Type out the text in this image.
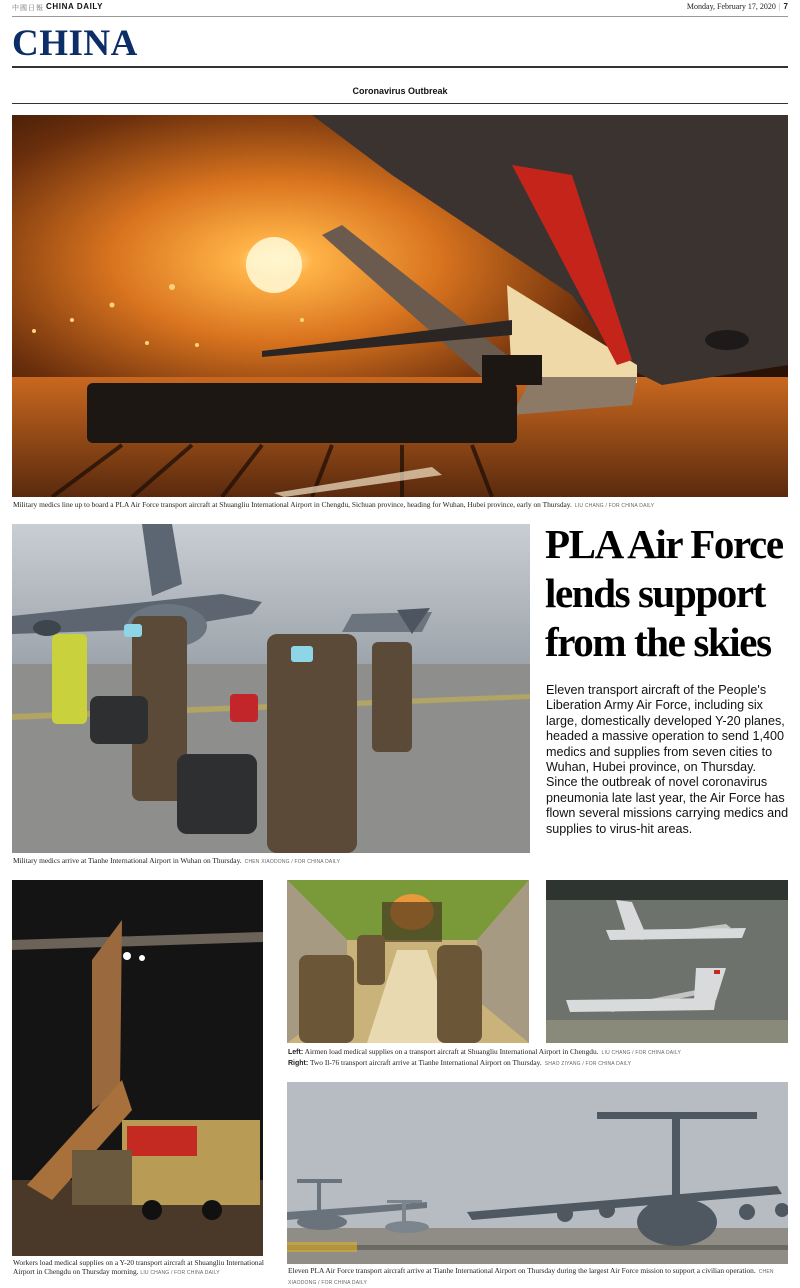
中國日報 CHINA DAILY	Monday, February 17, 2020 | 7
CHINA
Coronavirus Outbreak
Military medics line up to board a PLA Air Force transport aircraft at Shuangliu International Airport in Chengdu, Sichuan province, heading for Wuhan, Hubei province, early on Thursday. LIU CHANG / FOR CHINA DAILY
Military medics arrive at Tianhe International Airport in Wuhan on Thursday. CHEN XIAODONG / FOR CHINA DAILY
PLA Air Force
lends support
from the skies
Eleven transport aircraft of the People's Liberation Army Air Force, including six large, domestically developed Y-20 planes, headed a massive operation to send 1,400 medics and supplies from seven cities to Wuhan, Hubei province, on Thursday. Since the outbreak of novel coronavirus pneumonia late last year, the Air Force has flown several missions carrying medics and supplies to virus-hit areas.
Workers load medical supplies on a Y-20 transport aircraft at Shuangliu International Airport in Chengdu on Thursday morning. LIU CHANG / FOR CHINA DAILY
Left: Airmen load medical supplies on a transport aircraft at Shuangliu International Airport in Chengdu. LIU CHANG / FOR CHINA DAILY
Right: Two Il-76 transport aircraft arrive at Tianhe International Airport on Thursday. SHAO ZIYANG / FOR CHINA DAILY
Eleven PLA Air Force transport aircraft arrive at Tianhe International Airport on Thursday during the largest Air Force mission to support a civilian operation. CHEN XIAODONG / FOR CHINA DAILY
